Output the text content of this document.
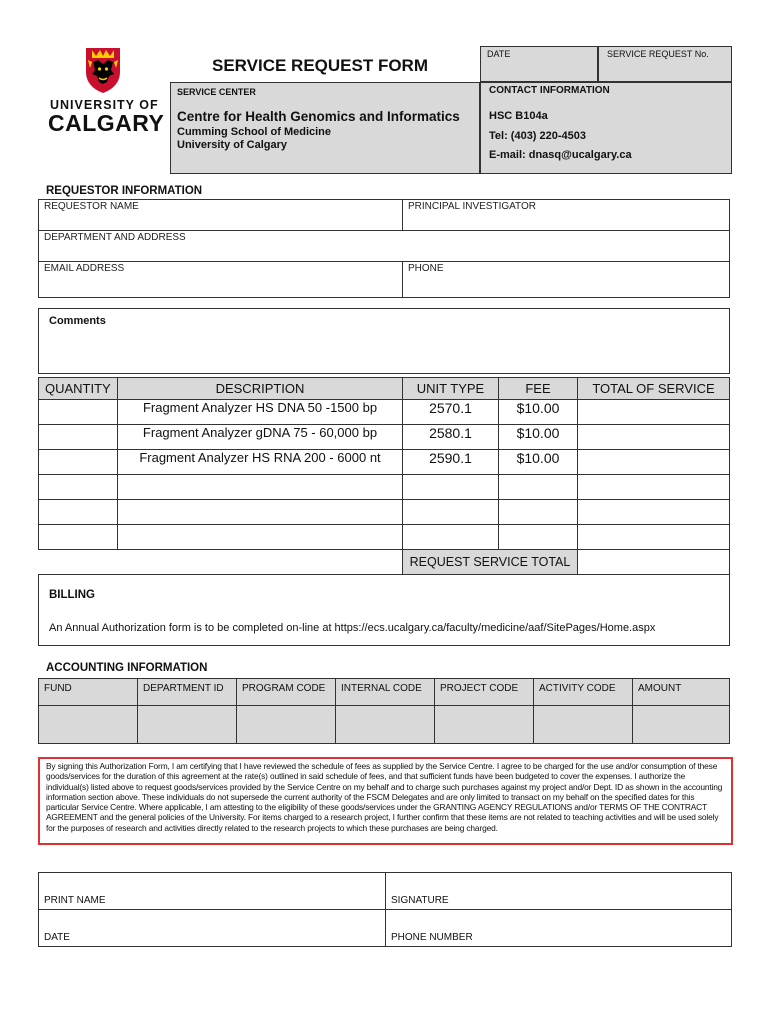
UNIVERSITY OF
CALGARY
SERVICE REQUEST FORM
SERVICE CENTER
Centre for Health Genomics and Informatics
Cumming School of Medicine
University of Calgary
DATE	SERVICE REQUEST No.
CONTACT INFORMATION
HSC B104a
Tel: (403) 220-4503
E-mail: dnasq@ucalgary.ca
REQUESTOR INFORMATION
REQUESTOR NAME	PRINCIPAL INVESTIGATOR
DEPARTMENT AND ADDRESS	
EMAIL ADDRESS	PHONE
Comments
QUANTITY	DESCRIPTION	UNIT TYPE	FEE	TOTAL OF SERVICE
	Fragment Analyzer HS DNA 50 -1500 bp	2570.1	$10.00	
	Fragment Analyzer gDNA 75 - 60,000 bp	2580.1	$10.00	
	Fragment Analyzer HS RNA 200 - 6000 nt	2590.1	$10.00	

		REQUEST SERVICE TOTAL		
BILLING
An Annual Authorization form is to be completed on-line at https://ecs.ucalgary.ca/faculty/medicine/aaf/SitePages/Home.aspx
ACCOUNTING INFORMATION
FUND	DEPARTMENT ID	PROGRAM CODE	INTERNAL CODE	PROJECT CODE	ACTIVITY CODE	AMOUNT

By signing this Authorization Form, I am certifying that I have reviewed the schedule of fees as supplied by the Service Centre. I agree to be charged for the use and/or consumption of these goods/services for the duration of this agreement at the rate(s) outlined in said schedule of fees, and that sufficient funds have been budgeted to cover the expenses. I authorize the individual(s) listed above to request goods/services provided by the Service Centre on my behalf and to charge such purchases against my project and/or Dept. ID as shown in the accounting information section above. These individuals do not supersede the current authority of the FSCM Delegates and are only limited to transact on my behalf on the specified dates for this particular Service Centre. Where applicable, I am attesting to the eligibility of these goods/services under the GRANTING AGENCY REGULATIONS and/or TERMS OF THE CONTRACT AGREEMENT and the general policies of the University. For items charged to a research project, I further confirm that these items are not related to teaching activities and will be used solely for the purposes of research and activities directly related to the research projects to which these purchases are being charged.
PRINT NAME	SIGNATURE
DATE	PHONE NUMBER
